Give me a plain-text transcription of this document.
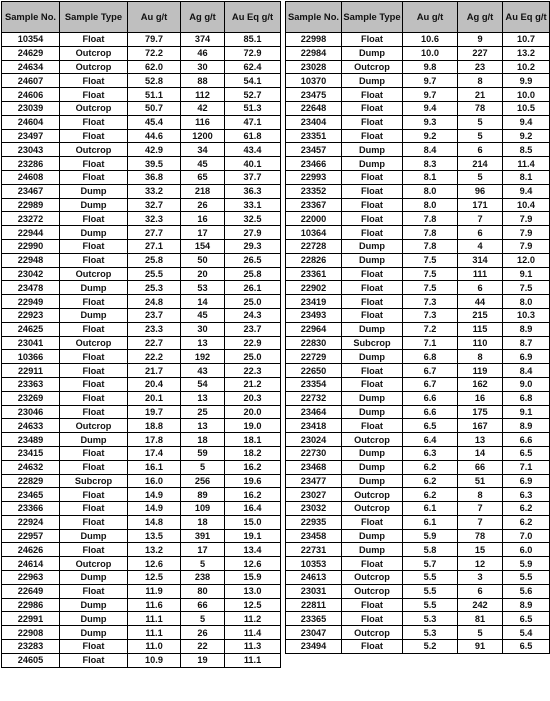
Sample No.	Sample Type	Au g/t	Ag g/t	Au Eq g/t
10354	Float	79.7	374	85.1
24629	Outcrop	72.2	46	72.9
24634	Outcrop	62.0	30	62.4
24607	Float	52.8	88	54.1
24606	Float	51.1	112	52.7
23039	Outcrop	50.7	42	51.3
24604	Float	45.4	116	47.1
23497	Float	44.6	1200	61.8
23043	Outcrop	42.9	34	43.4
23286	Float	39.5	45	40.1
24608	Float	36.8	65	37.7
23467	Dump	33.2	218	36.3
22989	Dump	32.7	26	33.1
23272	Float	32.3	16	32.5
22944	Dump	27.7	17	27.9
22990	Float	27.1	154	29.3
22948	Float	25.8	50	26.5
23042	Outcrop	25.5	20	25.8
23478	Dump	25.3	53	26.1
22949	Float	24.8	14	25.0
22923	Dump	23.7	45	24.3
24625	Float	23.3	30	23.7
23041	Outcrop	22.7	13	22.9
10366	Float	22.2	192	25.0
22911	Float	21.7	43	22.3
23363	Float	20.4	54	21.2
23269	Float	20.1	13	20.3
23046	Float	19.7	25	20.0
24633	Outcrop	18.8	13	19.0
23489	Dump	17.8	18	18.1
23415	Float	17.4	59	18.2
24632	Float	16.1	5	16.2
22829	Subcrop	16.0	256	19.6
23465	Float	14.9	89	16.2
23366	Float	14.9	109	16.4
22924	Float	14.8	18	15.0
22957	Dump	13.5	391	19.1
24626	Float	13.2	17	13.4
24614	Outcrop	12.6	5	12.6
22963	Dump	12.5	238	15.9
22649	Float	11.9	80	13.0
22986	Dump	11.6	66	12.5
22991	Dump	11.1	5	11.2
22908	Dump	11.1	26	11.4
23283	Float	11.0	22	11.3
24605	Float	10.9	19	11.1
Sample No.	Sample Type	Au g/t	Ag g/t	Au Eq g/t
22998	Float	10.6	9	10.7
22984	Dump	10.0	227	13.2
23028	Outcrop	9.8	23	10.2
10370	Dump	9.7	8	9.9
23475	Float	9.7	21	10.0
22648	Float	9.4	78	10.5
23404	Float	9.3	5	9.4
23351	Float	9.2	5	9.2
23457	Dump	8.4	6	8.5
23466	Dump	8.3	214	11.4
22993	Float	8.1	5	8.1
23352	Float	8.0	96	9.4
23367	Float	8.0	171	10.4
22000	Float	7.8	7	7.9
10364	Float	7.8	6	7.9
22728	Dump	7.8	4	7.9
22826	Dump	7.5	314	12.0
23361	Float	7.5	111	9.1
22902	Float	7.5	6	7.5
23419	Float	7.3	44	8.0
23493	Float	7.3	215	10.3
22964	Dump	7.2	115	8.9
22830	Subcrop	7.1	110	8.7
22729	Dump	6.8	8	6.9
22650	Float	6.7	119	8.4
23354	Float	6.7	162	9.0
22732	Dump	6.6	16	6.8
23464	Dump	6.6	175	9.1
23418	Float	6.5	167	8.9
23024	Outcrop	6.4	13	6.6
22730	Dump	6.3	14	6.5
23468	Dump	6.2	66	7.1
23477	Dump	6.2	51	6.9
23027	Outcrop	6.2	8	6.3
23032	Outcrop	6.1	7	6.2
22935	Float	6.1	7	6.2
23458	Dump	5.9	78	7.0
22731	Dump	5.8	15	6.0
10353	Float	5.7	12	5.9
24613	Outcrop	5.5	3	5.5
23031	Outcrop	5.5	6	5.6
22811	Float	5.5	242	8.9
23365	Float	5.3	81	6.5
23047	Outcrop	5.3	5	5.4
23494	Float	5.2	91	6.5
